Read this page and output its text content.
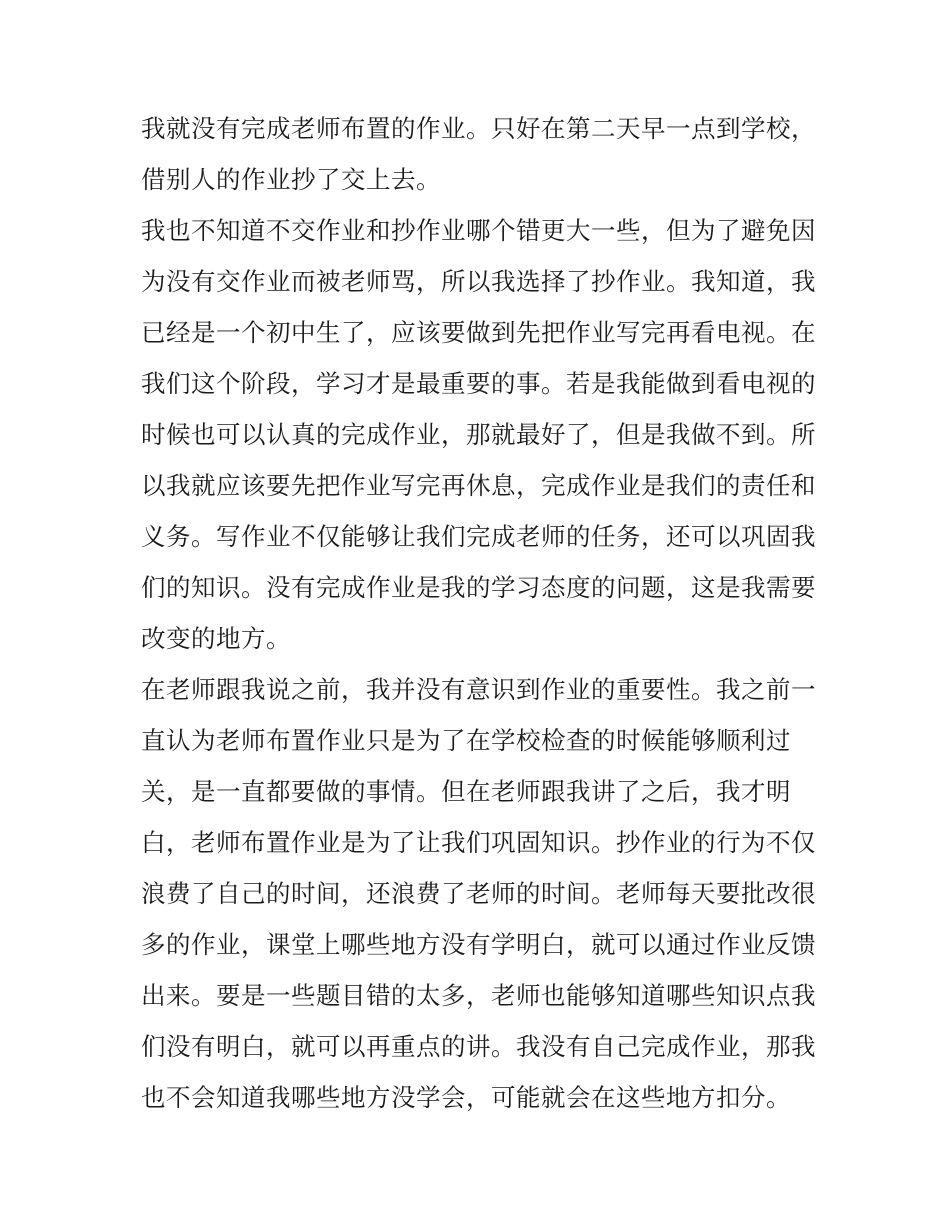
我就没有完成老师布置的作业。只好在第二天早一点到学校，
借别人的作业抄了交上去。
我也不知道不交作业和抄作业哪个错更大一些，但为了避免因
为没有交作业而被老师骂，所以我选择了抄作业。我知道，我
已经是一个初中生了，应该要做到先把作业写完再看电视。在
我们这个阶段，学习才是最重要的事。若是我能做到看电视的
时候也可以认真的完成作业，那就最好了，但是我做不到。所
以我就应该要先把作业写完再休息，完成作业是我们的责任和
义务。写作业不仅能够让我们完成老师的任务，还可以巩固我
们的知识。没有完成作业是我的学习态度的问题，这是我需要
改变的地方。
在老师跟我说之前，我并没有意识到作业的重要性。我之前一
直认为老师布置作业只是为了在学校检查的时候能够顺利过
关，是一直都要做的事情。但在老师跟我讲了之后，我才明
白，老师布置作业是为了让我们巩固知识。抄作业的行为不仅
浪费了自己的时间，还浪费了老师的时间。老师每天要批改很
多的作业，课堂上哪些地方没有学明白，就可以通过作业反馈
出来。要是一些题目错的太多，老师也能够知道哪些知识点我
们没有明白，就可以再重点的讲。我没有自己完成作业，那我
也不会知道我哪些地方没学会，可能就会在这些地方扣分。
